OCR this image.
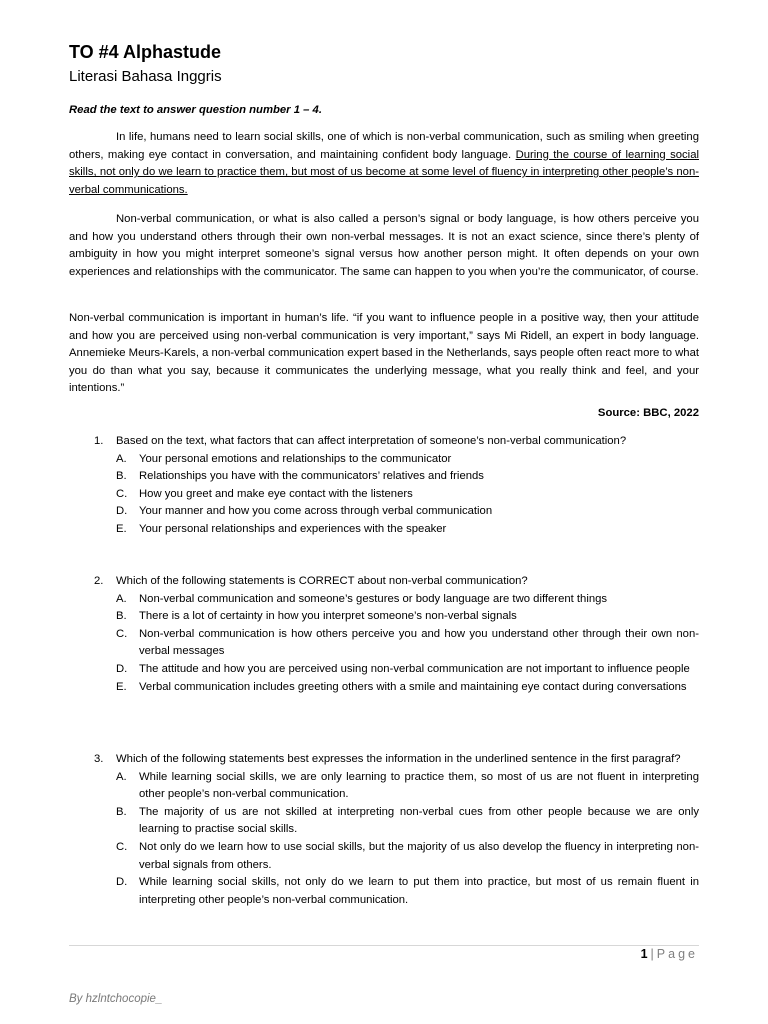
TO #4 Alphastude

Literasi Bahasa Inggris

Read the text to answer question number 1 – 4.

In life, humans need to learn social skills, one of which is non-verbal communication, such as smiling when greeting others, making eye contact in conversation, and maintaining confident body language. During the course of learning social skills, not only do we learn to practice them, but most of us become at some level of fluency in interpreting other people’s non-verbal communications.

Non-verbal communication, or what is also called a person’s signal or body language, is how others perceive you and how you understand others through their own non-verbal messages. It is not an exact science, since there’s plenty of ambiguity in how you might interpret someone’s signal versus how another person might. It often depends on your own experiences and relationships with the communicator. The same can happen to you when you’re the communicator, of course.

Non-verbal communication is important in human’s life. “if you want to influence people in a positive way, then your attitude and how you are perceived using non-verbal communication is very important,” says Mi Ridell, an expert in body language. Annemieke Meurs-Karels, a non-verbal communication expert based in the Netherlands, says people often react more to what you do than what you say, because it communicates the underlying message, what you really think and feel, and your intentions.”

Source: BBC, 2022

1. Based on the text, what factors that can affect interpretation of someone’s non-verbal communication?
A. Your personal emotions and relationships to the communicator
B. Relationships you have with the communicators’ relatives and friends
C. How you greet and make eye contact with the listeners
D. Your manner and how you come across through verbal communication
E. Your personal relationships and experiences with the speaker
2. Which of the following statements is CORRECT about non-verbal communication?
A. Non-verbal communication and someone’s gestures or body language are two different things
B. There is a lot of certainty in how you interpret someone’s non-verbal signals
C. Non-verbal communication is how others perceive you and how you understand other through their own non-verbal messages
D. The attitude and how you are perceived using non-verbal communication are not important to influence people
E. Verbal communication includes greeting others with a smile and maintaining eye contact during conversations
3. Which of the following statements best expresses the information in the underlined sentence in the first paragraf?
A. While learning social skills, we are only learning to practice them, so most of us are not fluent in interpreting other people’s non-verbal communication.
B. The majority of us are not skilled at interpreting non-verbal cues from other people because we are only learning to practise social skills.
C. Not only do we learn how to use social skills, but the majority of us also develop the fluency in interpreting non-verbal signals from others.
D. While learning social skills, not only do we learn to put them into practice, but most of us remain fluent in interpreting other people’s non-verbal communication.
1 | Page
By hzlntchocopie_
